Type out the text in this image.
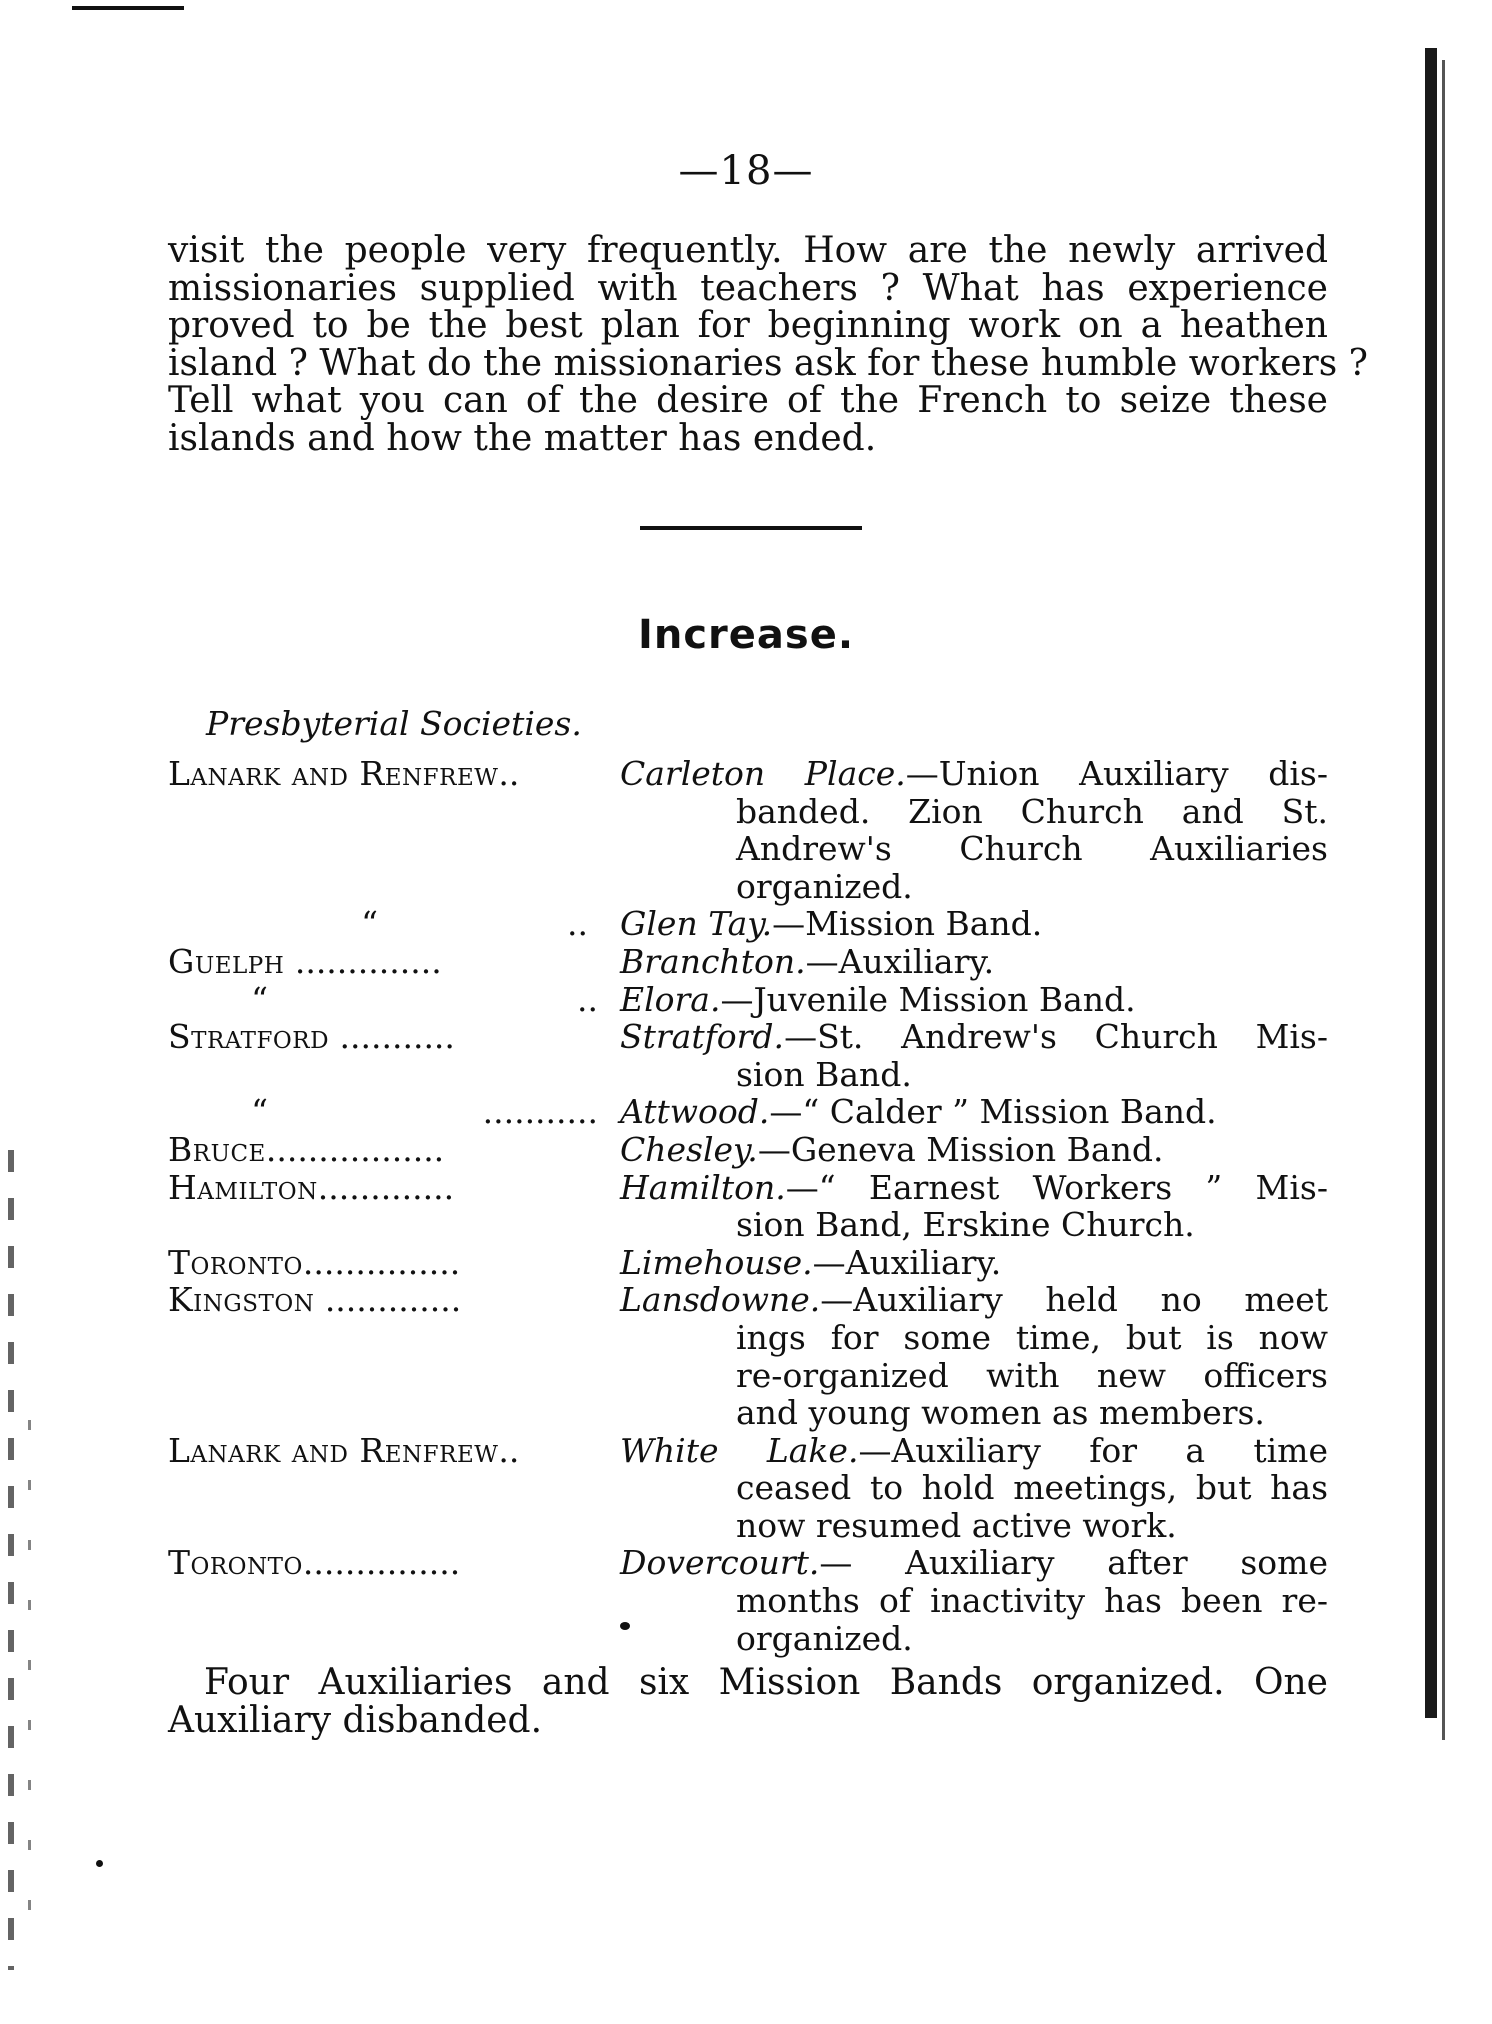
—18—
visit the people very frequently. How are the newly arrived
missionaries supplied with teachers ? What has experience
proved to be the best plan for beginning work on a heathen
island ? What do the missionaries ask for these humble workers ?
Tell what you can of the desire of the French to seize these
islands and how the matter has ended.
Increase.
Presbyterial Societies.
Lanark and Renfrew..	Carleton Place.—Union Auxiliary dis-
banded. Zion Church and St.
Andrew's Church Auxiliaries
organized.
“	.. Glen Tay.—Mission Band.
Guelph ..............	Branchton.—Auxiliary.
“	.. Elora.—Juvenile Mission Band.
Stratford ...........	Stratford.—St. Andrew's Church Mis-
sion Band.
“	........... Attwood.—“ Calder ” Mission Band.
Bruce.................	Chesley.—Geneva Mission Band.
Hamilton.............	Hamilton.—“ Earnest Workers ” Mis-
sion Band, Erskine Church.
Toronto...............	Limehouse.—Auxiliary.
Kingston .............	Lansdowne.—Auxiliary held no meet
ings for some time, but is now
re-organized with new officers
and young women as members.
Lanark and Renfrew..	White Lake.—Auxiliary for a time
ceased to hold meetings, but has
now resumed active work.
Toronto...............	Dovercourt.— Auxiliary after some
months of inactivity has been re-
organized.
Four Auxiliaries and six Mission Bands organized. One
Auxiliary disbanded.
